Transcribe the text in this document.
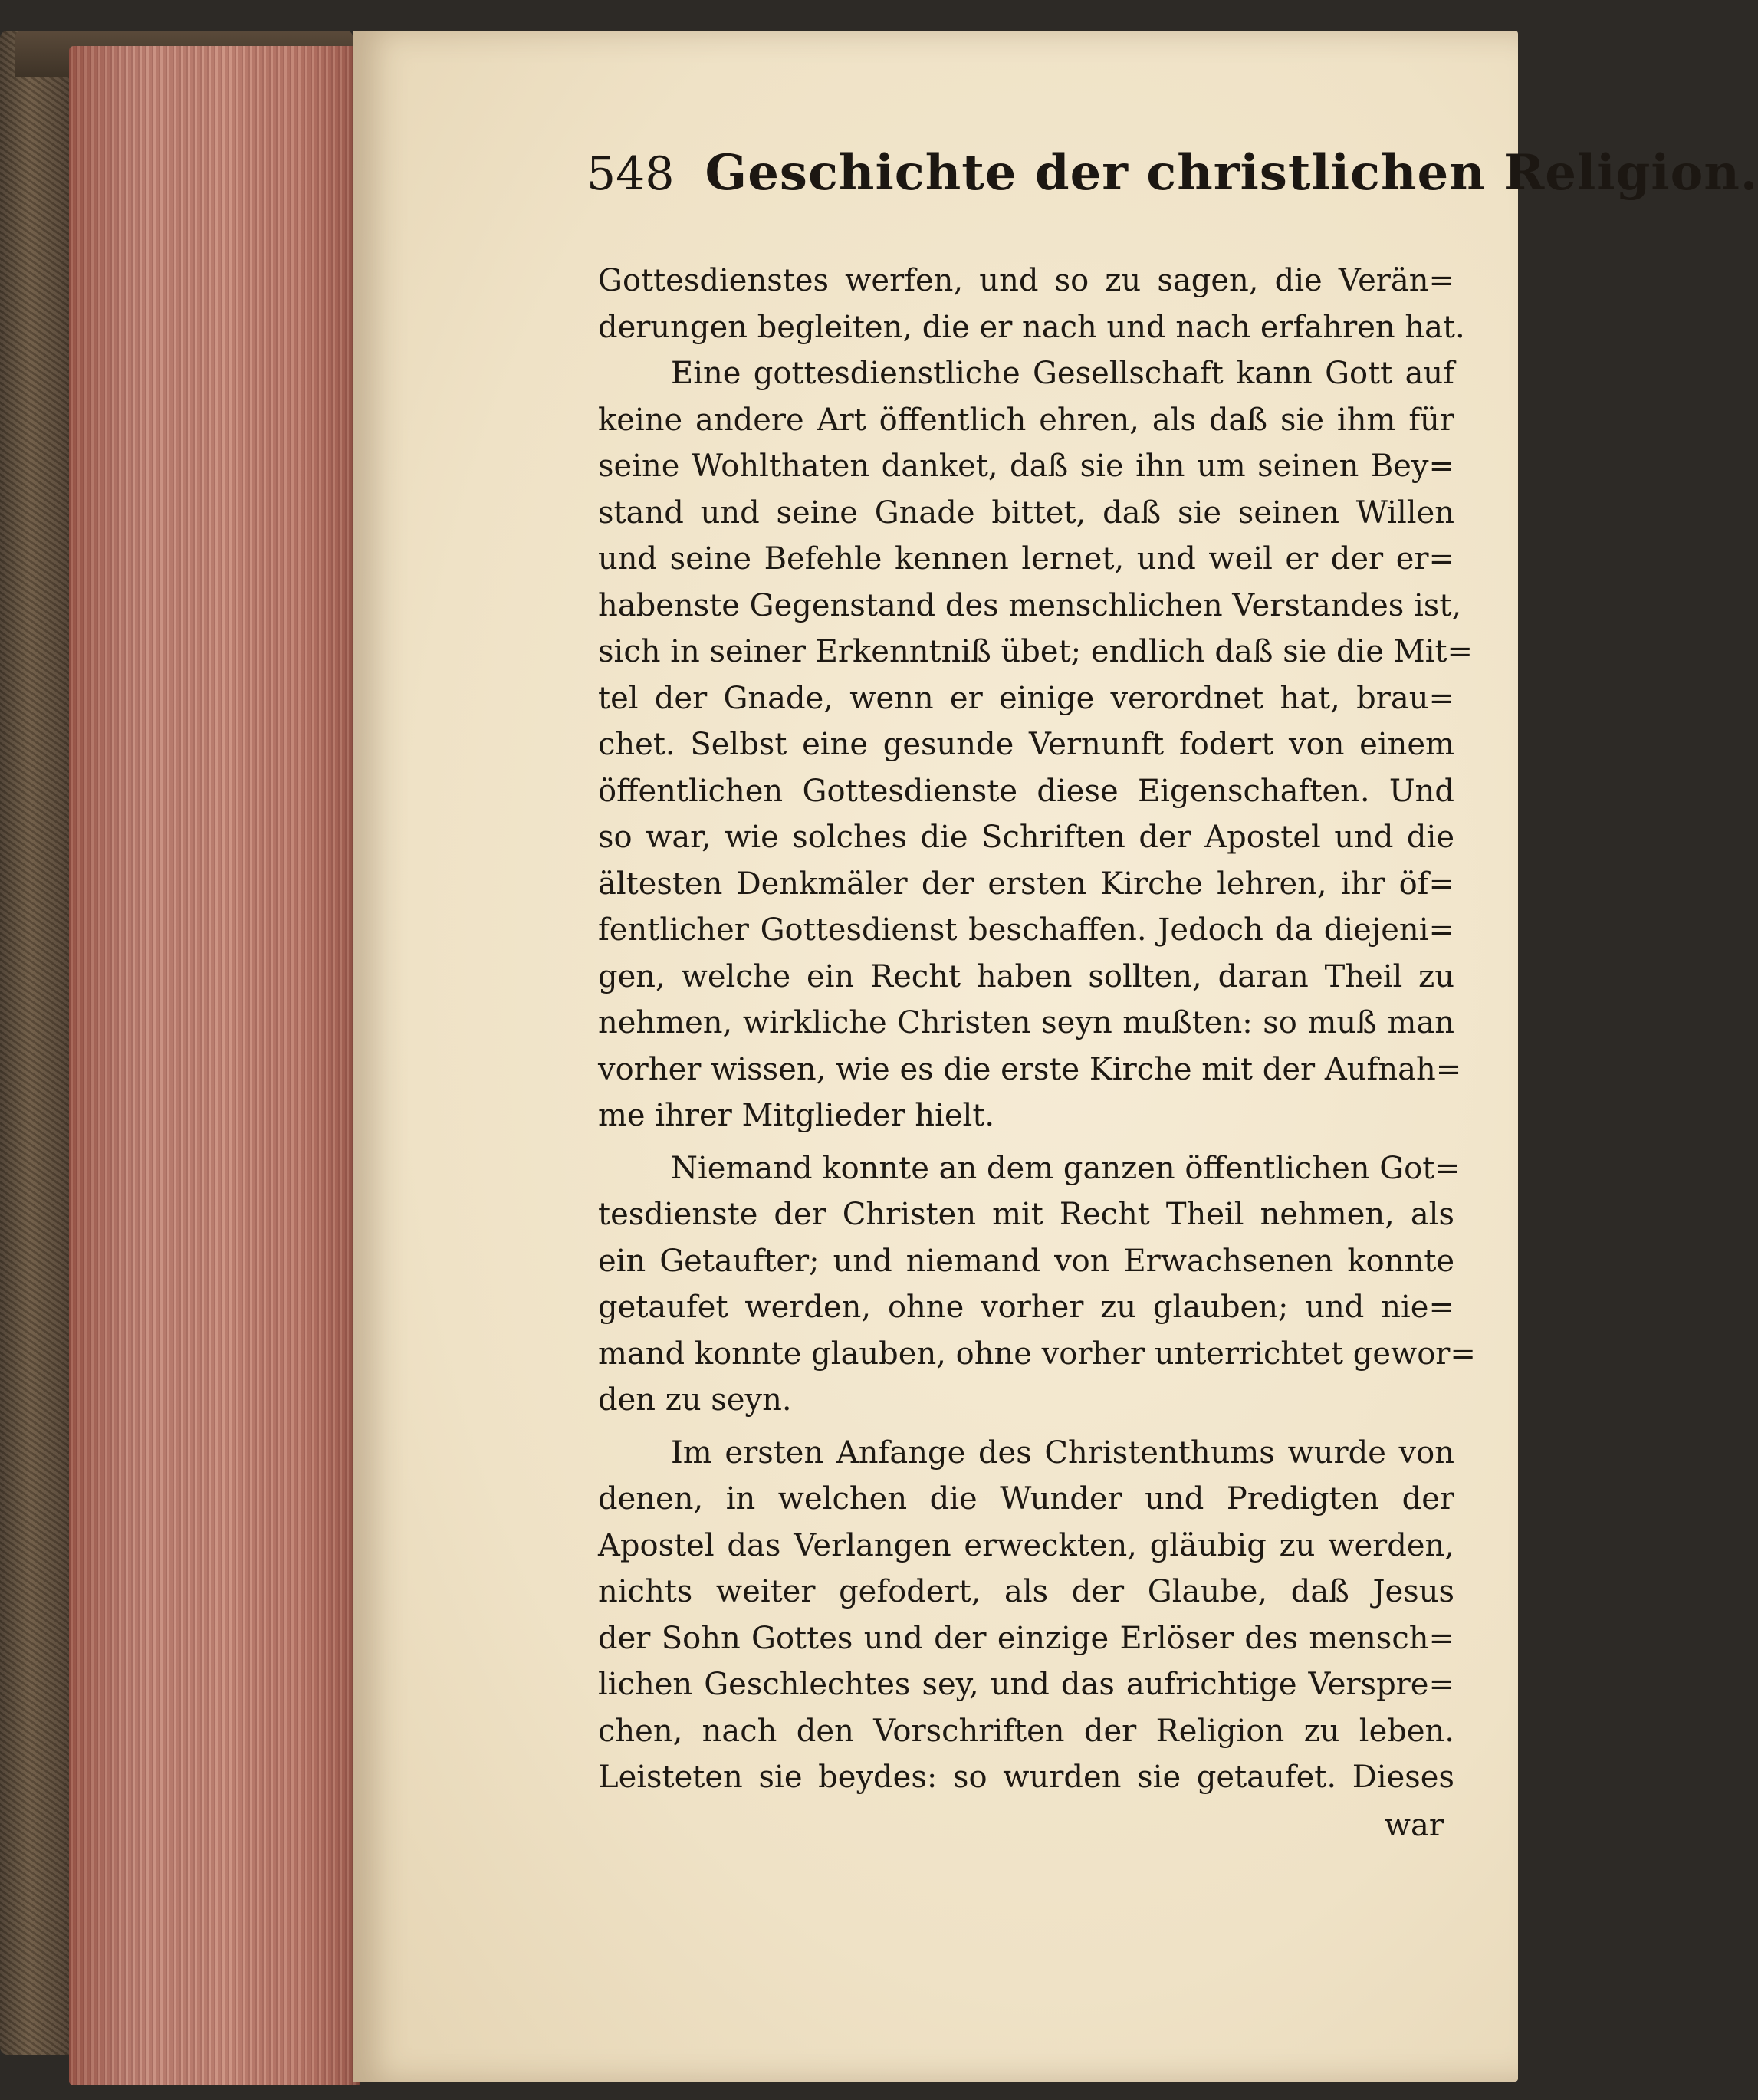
548 Geschichte der christlichen Religion.
Gottesdienstes werfen, und so zu sagen, die Verän=
derungen begleiten, die er nach und nach erfahren hat.
Eine gottesdienstliche Gesellschaft kann Gott auf
keine andere Art öffentlich ehren, als daß sie ihm für
seine Wohlthaten danket, daß sie ihn um seinen Bey=
stand und seine Gnade bittet, daß sie seinen Willen
und seine Befehle kennen lernet, und weil er der er=
habenste Gegenstand des menschlichen Verstandes ist,
sich in seiner Erkenntniß übet; endlich daß sie die Mit=
tel der Gnade, wenn er einige verordnet hat, brau=
chet. Selbst eine gesunde Vernunft fodert von einem
öffentlichen Gottesdienste diese Eigenschaften. Und
so war, wie solches die Schriften der Apostel und die
ältesten Denkmäler der ersten Kirche lehren, ihr öf=
fentlicher Gottesdienst beschaffen. Jedoch da diejeni=
gen, welche ein Recht haben sollten, daran Theil zu
nehmen, wirkliche Christen seyn mußten: so muß man
vorher wissen, wie es die erste Kirche mit der Aufnah=
me ihrer Mitglieder hielt.
Niemand konnte an dem ganzen öffentlichen Got=
tesdienste der Christen mit Recht Theil nehmen, als
ein Getaufter; und niemand von Erwachsenen konnte
getaufet werden, ohne vorher zu glauben; und nie=
mand konnte glauben, ohne vorher unterrichtet gewor=
den zu seyn.
Im ersten Anfange des Christenthums wurde von
denen, in welchen die Wunder und Predigten der
Apostel das Verlangen erweckten, gläubig zu werden,
nichts weiter gefodert, als der Glaube, daß Jesus
der Sohn Gottes und der einzige Erlöser des mensch=
lichen Geschlechtes sey, und das aufrichtige Verspre=
chen, nach den Vorschriften der Religion zu leben.
Leisteten sie beydes: so wurden sie getaufet. Dieses
war
